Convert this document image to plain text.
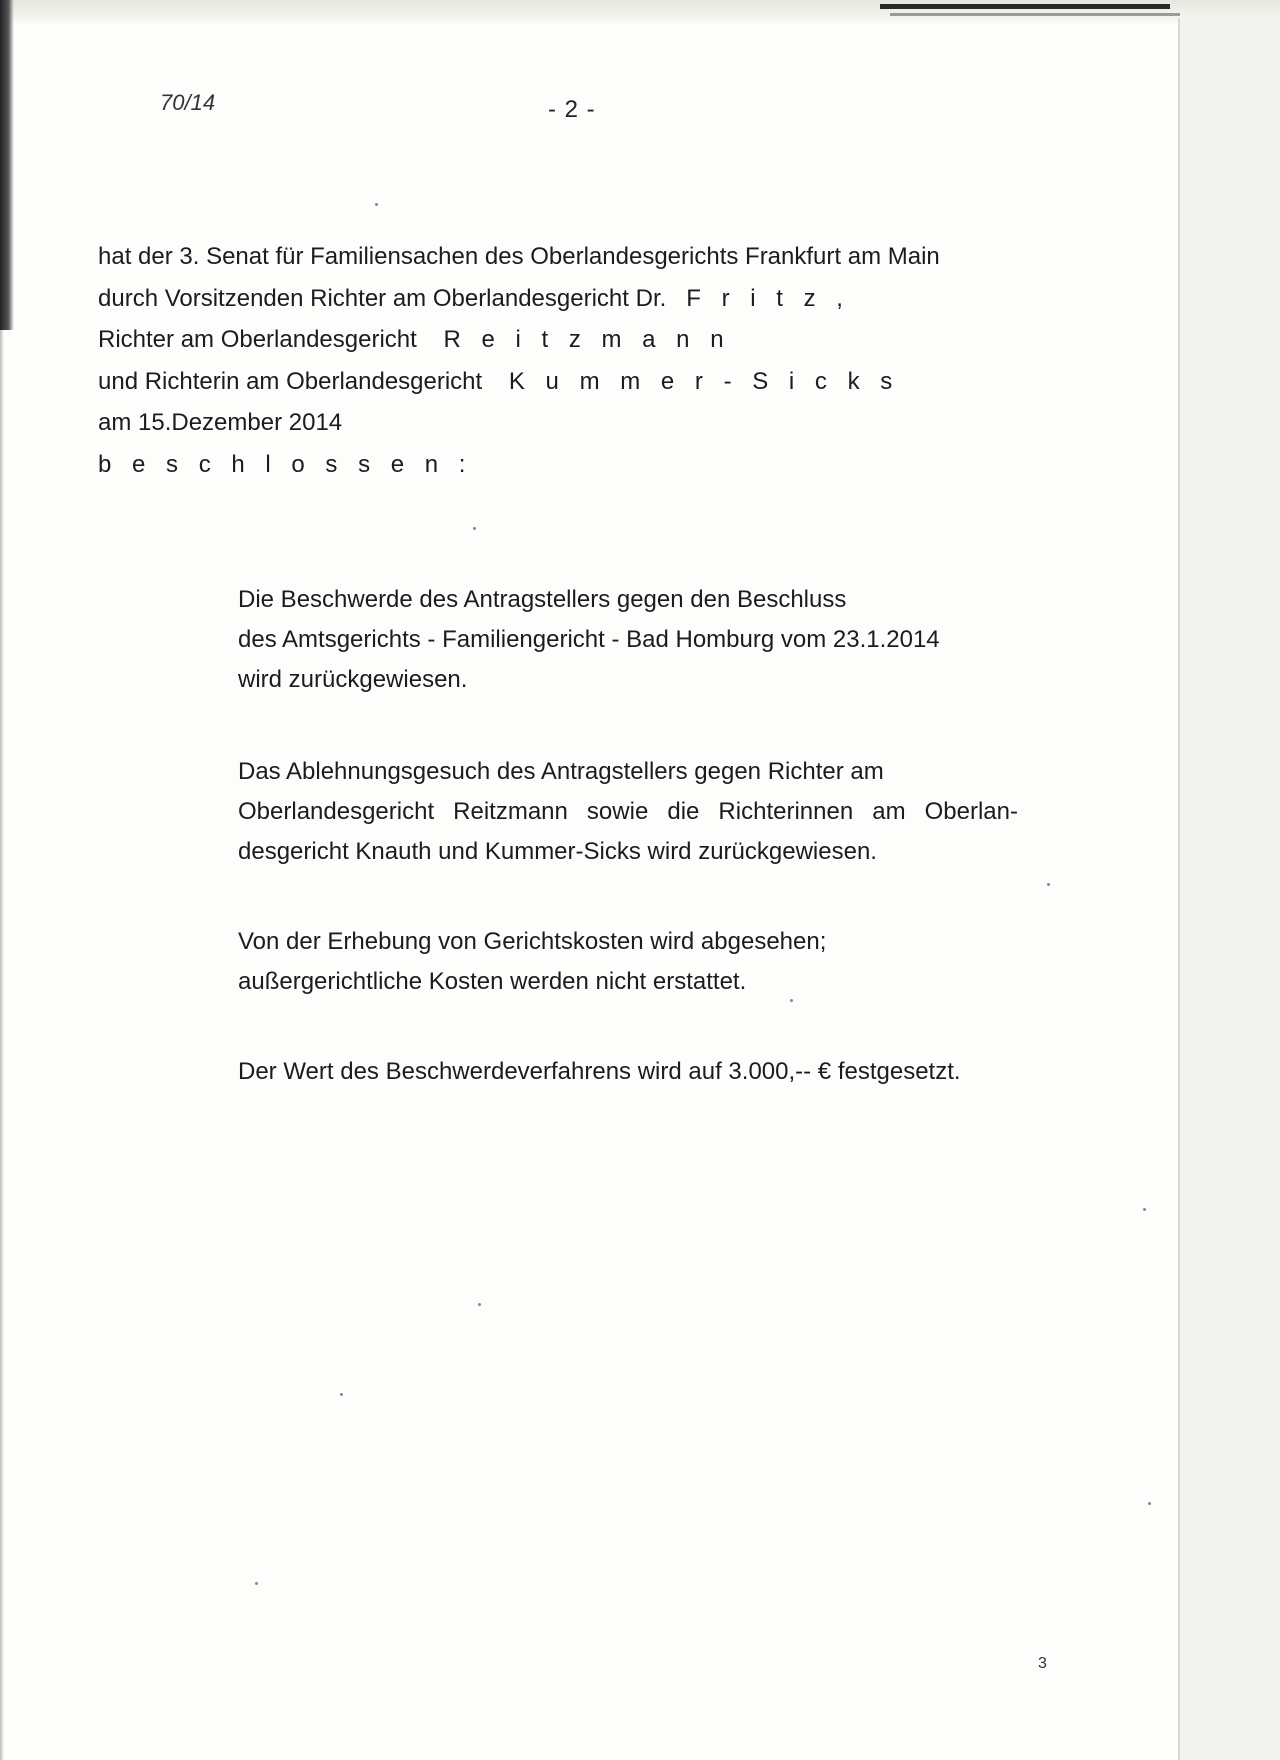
70/14	- 2 -
hat der 3. Senat für Familiensachen des Oberlandesgerichts Frankfurt am Main
durch Vorsitzenden Richter am Oberlandesgericht Dr. F r i t z ,
Richter am Oberlandesgericht R e i t z m a n n
und Richterin am Oberlandesgericht K u m m e r - S i c k s
am 15.Dezember 2014
b e s c h l o s s e n :
Die Beschwerde des Antragstellers gegen den Beschluss
des Amtsgerichts - Familiengericht - Bad Homburg vom 23.1.2014
wird zurückgewiesen.
Das Ablehnungsgesuch des Antragstellers gegen Richter am
Oberlandesgericht Reitzmann sowie die Richterinnen am Oberlan-
desgericht Knauth und Kummer-Sicks wird zurückgewiesen.
Von der Erhebung von Gerichtskosten wird abgesehen;
außergerichtliche Kosten werden nicht erstattet.
Der Wert des Beschwerdeverfahrens wird auf 3.000,-- € festgesetzt.
3
